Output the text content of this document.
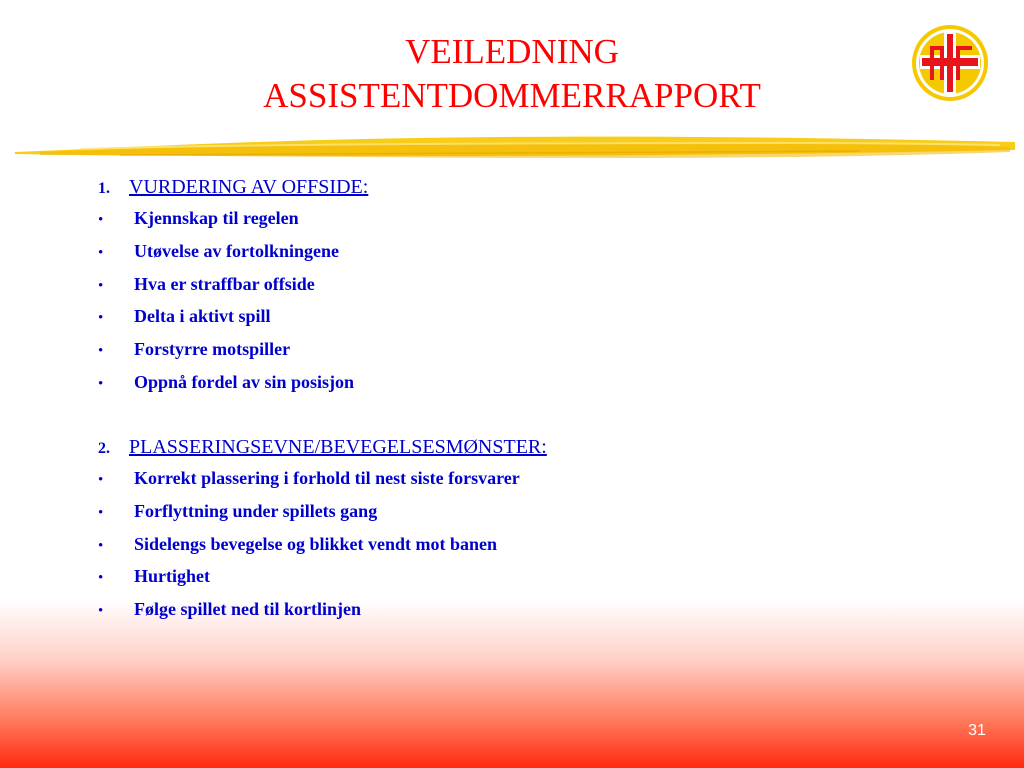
VEILEDNING
ASSISTENTDOMMERRAPPORT
1. VURDERING AV OFFSIDE:
•	Kjennskap til regelen
•	Utøvelse av fortolkningene
•	Hva er straffbar offside
•	Delta i aktivt spill
•	Forstyrre motspiller
•	Oppnå fordel av sin posisjon
2. PLASSERINGSEVNE/BEVEGELSESMØNSTER:
•	Korrekt plassering i forhold til nest siste forsvarer
•	Forflyttning under spillets gang
•	Sidelengs bevegelse og blikket vendt mot banen
•	Hurtighet
•	Følge spillet ned til kortlinjen
31
